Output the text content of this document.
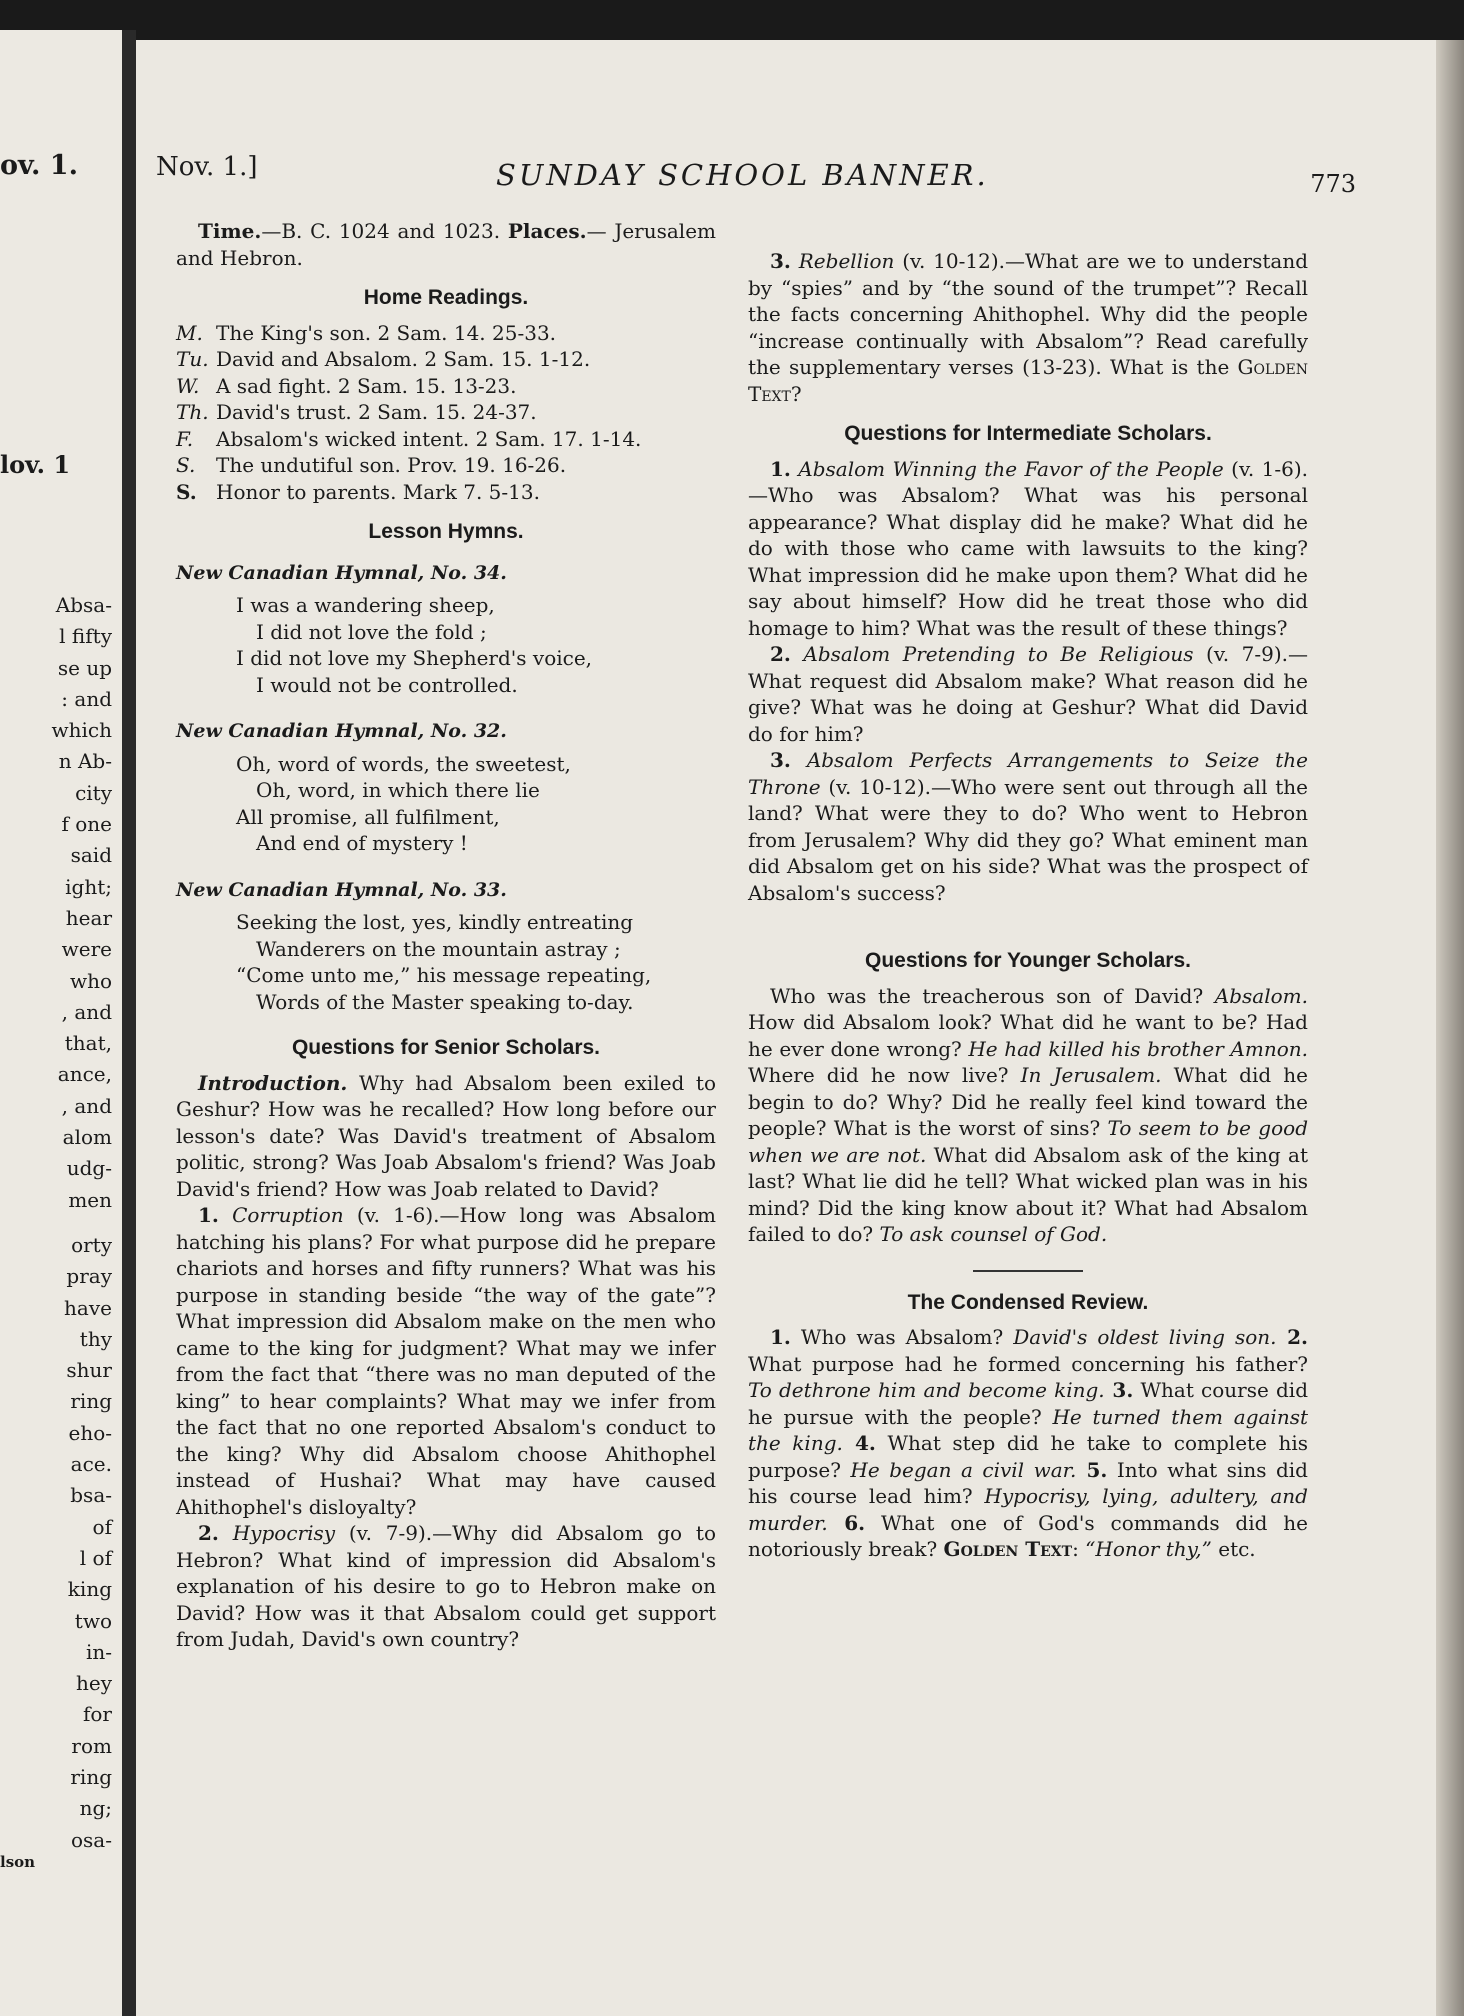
ov. 1.
lov. 1
Absa-
l fifty
se up
: and
which
n Ab-
city
f one
said
ight;
hear
were
who
, and
that,
ance,
, and
alom
udg-
men
orty
pray
have
thy
shur
ring
eho-
ace.
bsa-
of
l of
king
two
in-
hey
for
rom
ring
ng;
osa-
lson
Nov. 1.]	SUNDAY SCHOOL BANNER.	773

Time.—B. C. 1024 and 1023. Places.— Jerusalem and Hebron.

Home Readings.
M. The King's son. 2 Sam. 14. 25-33.
Tu. David and Absalom. 2 Sam. 15. 1-12.
W. A sad fight. 2 Sam. 15. 13-23.
Th. David's trust. 2 Sam. 15. 24-37.
F. Absalom's wicked intent. 2 Sam. 17. 1-14.
S. The undutiful son. Prov. 19. 16-26.
S. Honor to parents. Mark 7. 5-13.
Lesson Hymns.
New Canadian Hymnal, No. 34.
I was a wandering sheep,
I did not love the fold ;
I did not love my Shepherd's voice,
I would not be controlled.
New Canadian Hymnal, No. 32.
Oh, word of words, the sweetest,
Oh, word, in which there lie
All promise, all fulfilment,
And end of mystery !
New Canadian Hymnal, No. 33.
Seeking the lost, yes, kindly entreating
Wanderers on the mountain astray ;
“Come unto me,” his message repeating,
Words of the Master speaking to-day.
Questions for Senior Scholars.

Introduction. Why had Absalom been exiled to Geshur? How was he recalled? How long before our lesson's date? Was David's treatment of Absalom politic, strong? Was Joab Absalom's friend? Was Joab David's friend? How was Joab related to David?

1. Corruption (v. 1-6).—How long was Absalom hatching his plans? For what purpose did he prepare chariots and horses and fifty runners? What was his purpose in standing beside “the way of the gate”? What impression did Absalom make on the men who came to the king for judgment? What may we infer from the fact that “there was no man deputed of the king” to hear complaints? What may we infer from the fact that no one reported Absalom's conduct to the king? Why did Absalom choose Ahithophel instead of Hushai? What may have caused Ahithophel's disloyalty?

2. Hypocrisy (v. 7-9).—Why did Absalom go to Hebron? What kind of impression did Absalom's explanation of his desire to go to Hebron make on David? How was it that Absalom could get support from Judah, David's own country?

3. Rebellion (v. 10-12).—What are we to understand by “spies” and by “the sound of the trumpet”? Recall the facts concerning Ahithophel. Why did the people “increase continually with Absalom”? Read carefully the supplementary verses (13-23). What is the Golden Text?

Questions for Intermediate Scholars.

1. Absalom Winning the Favor of the People (v. 1-6).—Who was Absalom? What was his personal appearance? What display did he make? What did he do with those who came with lawsuits to the king? What impression did he make upon them? What did he say about himself? How did he treat those who did homage to him? What was the result of these things?

2. Absalom Pretending to Be Religious (v. 7-9).—What request did Absalom make? What reason did he give? What was he doing at Geshur? What did David do for him?

3. Absalom Perfects Arrangements to Seize the Throne (v. 10-12).—Who were sent out through all the land? What were they to do? Who went to Hebron from Jerusalem? Why did they go? What eminent man did Absalom get on his side? What was the prospect of Absalom's success?

Questions for Younger Scholars.

Who was the treacherous son of David? Absalom. How did Absalom look? What did he want to be? Had he ever done wrong? He had killed his brother Amnon. Where did he now live? In Jerusalem. What did he begin to do? Why? Did he really feel kind toward the people? What is the worst of sins? To seem to be good when we are not. What did Absalom ask of the king at last? What lie did he tell? What wicked plan was in his mind? Did the king know about it? What had Absalom failed to do? To ask counsel of God.

The Condensed Review.

1. Who was Absalom? David's oldest living son. 2. What purpose had he formed concerning his father? To dethrone him and become king. 3. What course did he pursue with the people? He turned them against the king. 4. What step did he take to complete his purpose? He began a civil war. 5. Into what sins did his course lead him? Hypocrisy, lying, adultery, and murder. 6. What one of God's commands did he notoriously break? Golden Text: “Honor thy,” etc.
